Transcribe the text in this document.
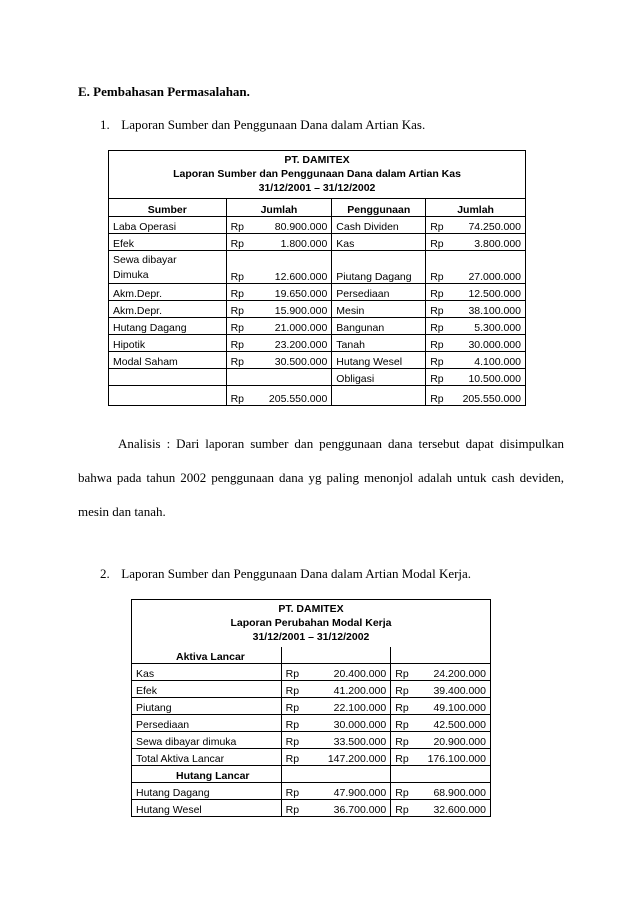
E. Pembahasan Permasalahan.
1. Laporan Sumber dan Penggunaan Dana dalam Artian Kas.
PT. DAMITEX					
Laporan Sumber dan Penggunaan Dana dalam Artian Kas					
31/12/2001 – 31/12/2002					
Sumber	Jumlah		Penggunaan	Jumlah	
Laba Operasi	Rp	80.900.000	Cash Dividen	Rp	74.250.000
Efek	Rp	1.800.000	Kas	Rp	3.800.000
Sewa dibayar
Dimuka	Rp	12.600.000	Piutang Dagang	Rp	27.000.000
Akm.Depr.	Rp	19.650.000	Persediaan	Rp	12.500.000
Akm.Depr.	Rp	15.900.000	Mesin	Rp	38.100.000
Hutang Dagang	Rp	21.000.000	Bangunan	Rp	5.300.000
Hipotik	Rp	23.200.000	Tanah	Rp	30.000.000
Modal Saham	Rp	30.500.000	Hutang Wesel	Rp	4.100.000
			Obligasi	Rp	10.500.000
	Rp	205.550.000		Rp	205.550.000

Analisis : Dari laporan sumber dan penggunaan dana tersebut dapat disimpulkan

bahwa pada tahun 2002 penggunaan dana yg paling menonjol adalah untuk cash deviden,

mesin dan tanah.

2. Laporan Sumber dan Penggunaan Dana dalam Artian Modal Kerja.
PT. DAMITEX				
Laporan Perubahan Modal Kerja				
31/12/2001 – 31/12/2002				
Aktiva Lancar				
Kas	Rp	20.400.000	Rp	24.200.000
Efek	Rp	41.200.000	Rp	39.400.000
Piutang	Rp	22.100.000	Rp	49.100.000
Persediaan	Rp	30.000.000	Rp	42.500.000
Sewa dibayar dimuka	Rp	33.500.000	Rp	20.900.000
Total Aktiva Lancar	Rp	147.200.000	Rp	176.100.000
Hutang Lancar				
Hutang Dagang	Rp	47.900.000	Rp	68.900.000
Hutang Wesel	Rp	36.700.000	Rp	32.600.000
